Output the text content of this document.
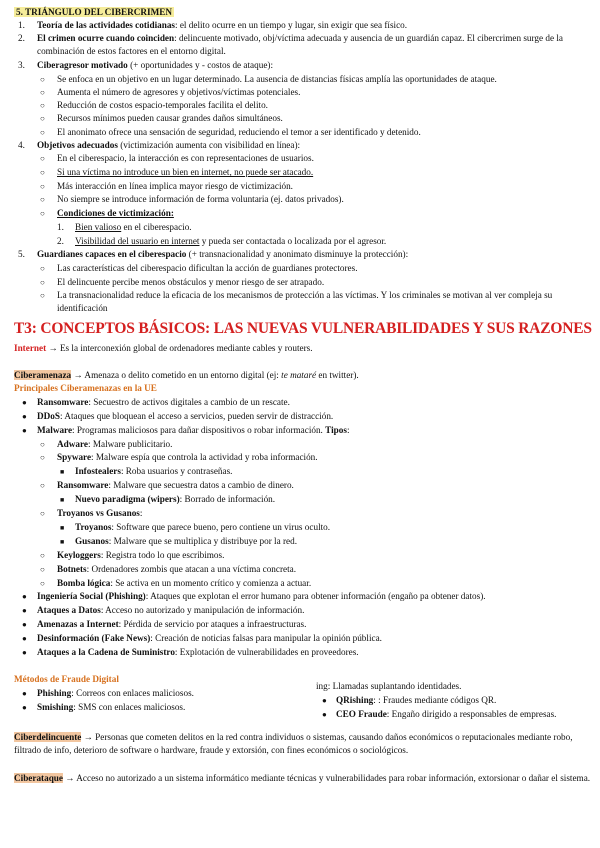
5. TRIÁNGULO DEL CIBERCRIMEN
1. Teoría de las actividades cotidianas: el delito ocurre en un tiempo y lugar, sin exigir que sea físico.
2. El crimen ocurre cuando coinciden: delincuente motivado, obj/víctima adecuada y ausencia de un guardián capaz. El cibercrimen surge de la combinación de estos factores en el entorno digital.
3. Ciberagresor motivado (+ oportunidades y - costos de ataque):
○ Se enfoca en un objetivo en un lugar determinado. La ausencia de distancias físicas amplía las oportunidades de ataque.
○ Aumenta el número de agresores y objetivos/víctimas potenciales.
○ Reducción de costos espacio-temporales facilita el delito.
○ Recursos mínimos pueden causar grandes daños simultáneos.
○ El anonimato ofrece una sensación de seguridad, reduciendo el temor a ser identificado y detenido.
4. Objetivos adecuados (victimización aumenta con visibilidad en línea):
○ En el ciberespacio, la interacción es con representaciones de usuarios.
○ Si una víctima no introduce un bien en internet, no puede ser atacado.
○ Más interacción en línea implica mayor riesgo de victimización.
○ No siempre se introduce información de forma voluntaria (ej. datos privados).
○ Condiciones de victimización:
1. Bien valioso en el ciberespacio.
2. Visibilidad del usuario en internet y pueda ser contactada o localizada por el agresor.
5. Guardianes capaces en el ciberespacio (+ transnacionalidad y anonimato disminuye la protección):
○ Las características del ciberespacio dificultan la acción de guardianes protectores.
○ El delincuente percibe menos obstáculos y menor riesgo de ser atrapado.
○ La transnacionalidad reduce la eficacia de los mecanismos de protección a las víctimas. Y los criminales se motivan al ver compleja su identificación
T3: CONCEPTOS BÁSICOS: LAS NUEVAS VULNERABILIDADES Y SUS RAZONES
Internet → Es la interconexión global de ordenadores mediante cables y routers.
Ciberamenaza → Amenaza o delito cometido en un entorno digital (ej: te mataré en twitter).
Principales Ciberamenazas en la UE
● Ransomware: Secuestro de activos digitales a cambio de un rescate.
● DDoS: Ataques que bloquean el acceso a servicios, pueden servir de distracción.
● Malware: Programas maliciosos para dañar dispositivos o robar información. Tipos:
○ Adware: Malware publicitario.
○ Spyware: Malware espía que controla la actividad y roba información.
■ Infostealers: Roba usuarios y contraseñas.
○ Ransomware: Malware que secuestra datos a cambio de dinero.
■ Nuevo paradigma (wipers): Borrado de información.
○ Troyanos vs Gusanos:
■ Troyanos: Software que parece bueno, pero contiene un virus oculto.
■ Gusanos: Malware que se multiplica y distribuye por la red.
○ Keyloggers: Registra todo lo que escribimos.
○ Botnets: Ordenadores zombis que atacan a una víctima concreta.
○ Bomba lógica: Se activa en un momento crítico y comienza a actuar.
● Ingeniería Social (Phishing): Ataques que explotan el error humano para obtener información (engaño pa obtener datos).
● Ataques a Datos: Acceso no autorizado y manipulación de información.
● Amenazas a Internet: Pérdida de servicio por ataques a infraestructuras.
● Desinformación (Fake News): Creación de noticias falsas para manipular la opinión pública.
● Ataques a la Cadena de Suministro: Explotación de vulnerabilidades en proveedores.
Métodos de Fraude Digital
● Phishing: Correos con enlaces maliciosos.
● Smishing: SMS con enlaces maliciosos.
ing: Llamadas suplantando identidades.
● QRishing: : Fraudes mediante códigos QR.
● CEO Fraude: Engaño dirigido a responsables de empresas.
Ciberdelincuente → Personas que cometen delitos en la red contra individuos o sistemas, causando daños económicos o reputacionales mediante robo, filtrado de info, deterioro de software o hardware, fraude y extorsión, con fines económicos o sociológicos.
Ciberataque → Acceso no autorizado a un sistema informático mediante técnicas y vulnerabilidades para robar información, extorsionar o dañar el sistema.
